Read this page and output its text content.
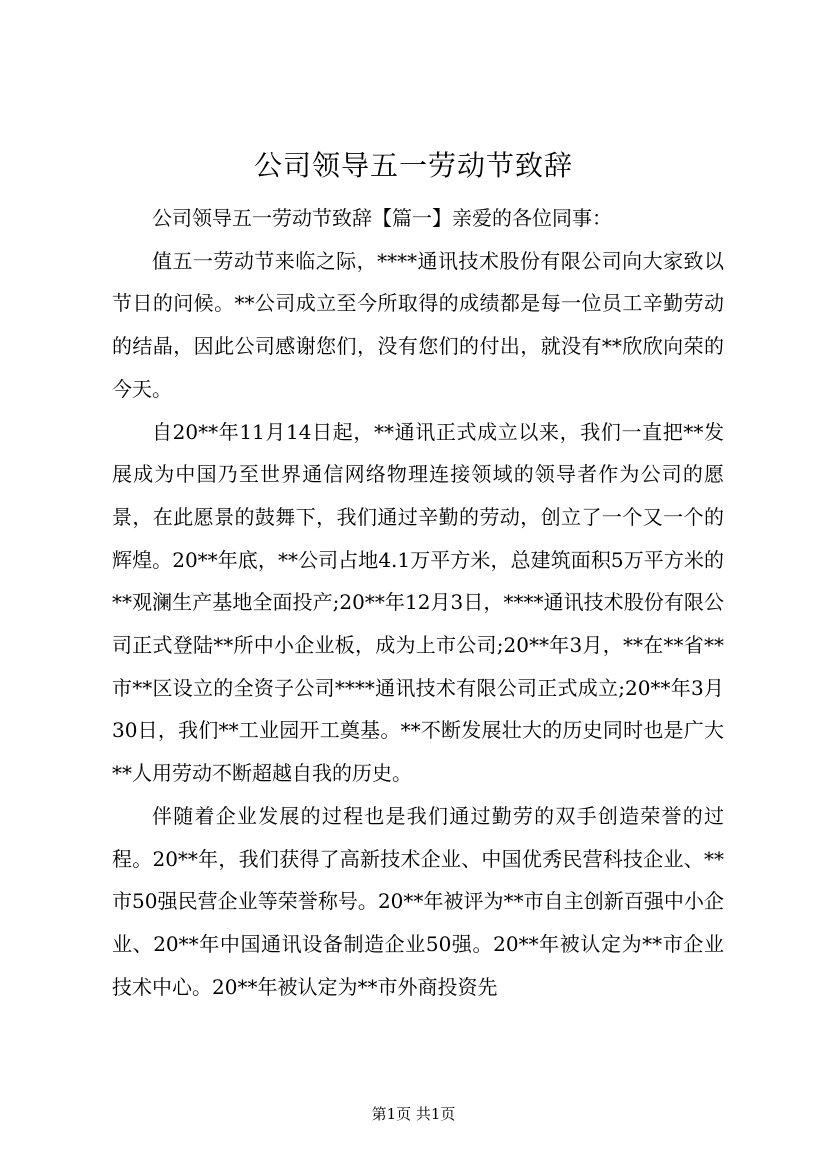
公司领导五一劳动节致辞

公司领导五一劳动节致辞【篇一】亲爱的各位同事：

值五一劳动节来临之际，****通讯技术股份有限公司向大家致以节日的问候。**公司成立至今所取得的成绩都是每一位员工辛勤劳动的结晶，因此公司感谢您们，没有您们的付出，就没有**欣欣向荣的今天。

自20**年11月14日起，**通讯正式成立以来，我们一直把**发展成为中国乃至世界通信网络物理连接领域的领导者作为公司的愿景，在此愿景的鼓舞下，我们通过辛勤的劳动，创立了一个又一个的辉煌。20**年底，**公司占地4.1万平方米，总建筑面积5万平方米的**观澜生产基地全面投产;20**年12月3日，****通讯技术股份有限公司正式登陆**所中小企业板，成为上市公司;20**年3月，**在**省**市**区设立的全资子公司****通讯技术有限公司正式成立;20**年3月30日，我们**工业园开工奠基。**不断发展壮大的历史同时也是广大**人用劳动不断超越自我的历史。

伴随着企业发展的过程也是我们通过勤劳的双手创造荣誉的过程。20**年，我们获得了高新技术企业、中国优秀民营科技企业、**市50强民营企业等荣誉称号。20**年被评为**市自主创新百强中小企业、20**年中国通讯设备制造企业50强。20**年被认定为**市企业技术中心。20**年被认定为**市外商投资先

第1页 共1页
